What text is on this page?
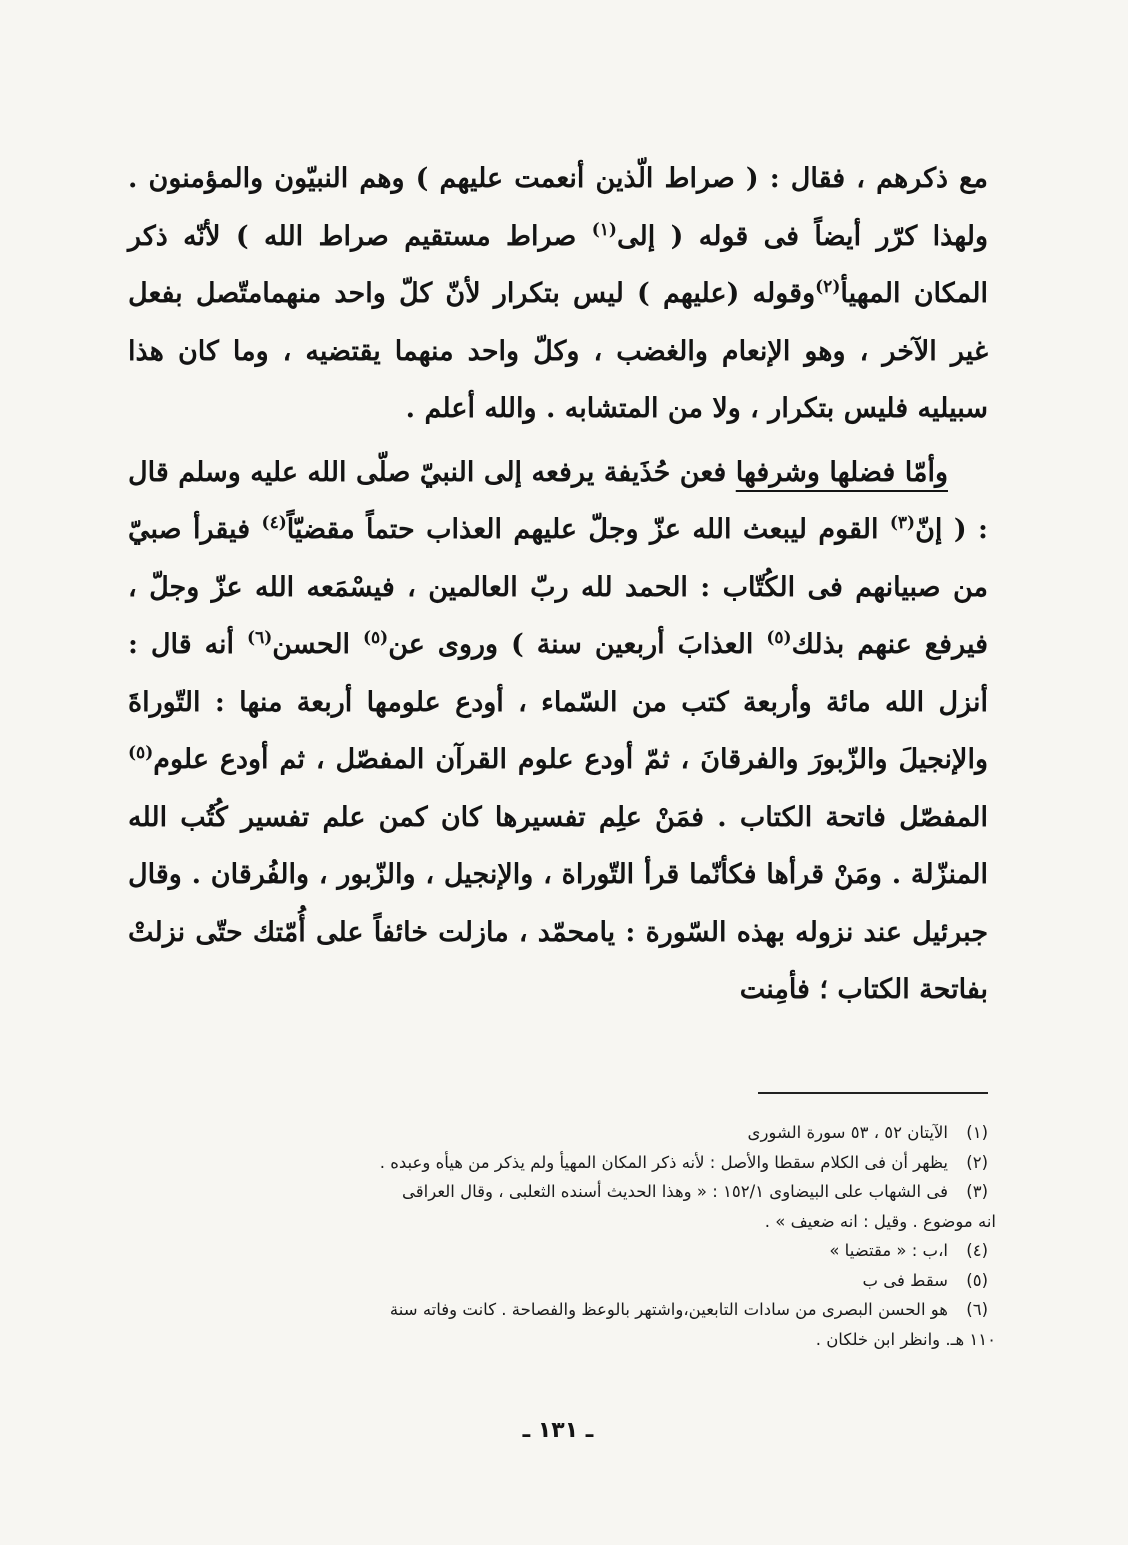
مع ذكرهم ، فقال : ( صراط الّذين أنعمت عليهم ) وهم النبيّون والمؤمنون . ولهذا كرّر أيضاً فى قوله ( إلى$^{(١)}$ صراط مستقيم صراط الله ) لأنّه ذكر المكان المهيأ$^{(٢)}$وقوله (عليهم ) ليس بتكرار لأنّ كلّ واحد منهمامتّصل بفعل غير الآخر ، وهو الإنعام والغضب ، وكلّ واحد منهما يقتضيه ، وما كان هذا سبيليه فليس بتكرار ، ولا من المتشابه . والله أعلم .

وأمّا فضلها وشرفها فعن حُذَيفة يرفعه إلى النبيّ صلّى الله عليه وسلم قال : ( إنّ$^{(٣)}$ القوم ليبعث الله عزّ وجلّ عليهم العذاب حتماً مقضيّاً$^{(٤)}$ فيقرأ صبيّ من صبيانهم فى الكُتّاب : الحمد لله ربّ العالمين ، فيسْمَعه الله عزّ وجلّ ، فيرفع عنهم بذلك$^{(٥)}$ العذابَ أربعين سنة ) وروى عن$^{(٥)}$ الحسن$^{(٦)}$ أنه قال : أنزل الله مائة وأربعة كتب من السّماء ، أودع علومها أربعة منها : التّوراةَ والإنجيلَ والزّبورَ والفرقانَ ، ثمّ أودع علوم القرآن المفصّل ، ثم أودع علوم$^{(٥)}$ المفصّل فاتحة الكتاب . فمَنْ علِم تفسيرها كان كمن علم تفسير كُتُب الله المنزّلة . ومَنْ قرأها فكأنّما قرأ التّوراة ، والإنجيل ، والزّبور ، والفُرقان . وقال جبرئيل عند نزوله بهذه السّورة : يامحمّد ، مازلت خائفاً على أُمّتك حتّى نزلتْ بفاتحة الكتاب ؛ فأمِنت

(١)
الآيتان ٥٢ ، ٥٣ سورة الشورى
(٢)
يظهر أن فى الكلام سقطا والأصل : لأنه ذكر المكان المهيأ ولم يذكر من هيأه وعبده .
(٣)
فى الشهاب على البيضاوى ١٥٢/١ : « وهذا الحديث أسنده الثعلبى ، وقال العراقى
انه موضوع . وقيل : انه ضعيف » .
(٤)
ا،ب : « مقتضيا »
(٥)
سقط فى ب
(٦)
هو الحسن البصرى من سادات التابعين،واشتهر بالوعظ والفصاحة . كانت وفاته سنة
١١٠ هـ. وانظر ابن خلكان .
ـ ١٣١ ـ
